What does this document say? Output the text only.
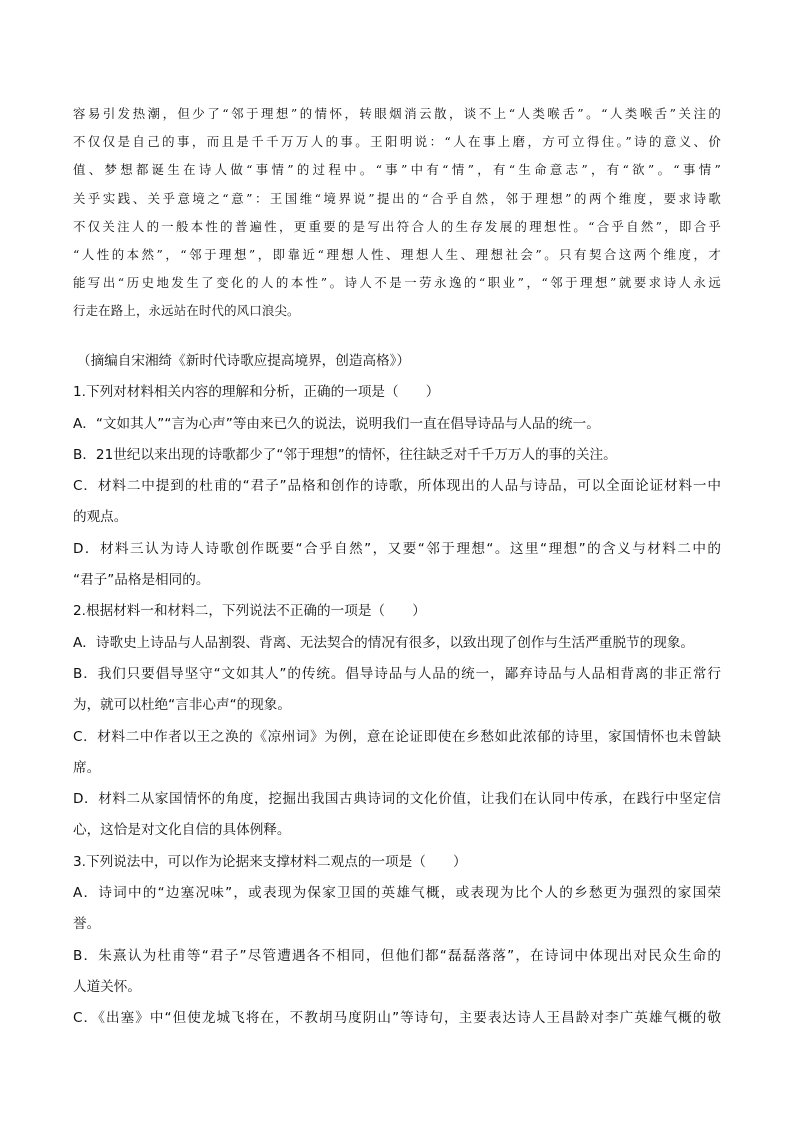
容易引发热潮，但少了“邻于理想”的情怀，转眼烟消云散，谈不上“人类喉舌”。“人类喉舌”关注的
不仅仅是自己的事，而且是千千万万人的事。王阳明说：“人在事上磨，方可立得住。”诗的意义、价
值、梦想都诞生在诗人做“事情”的过程中。“事”中有“情”，有“生命意志”，有“欲”。“事情”
关乎实践、关乎意境之“意”：王国维“境界说”提出的“合乎自然，邻于理想”的两个维度，要求诗歌
不仅关注人的一般本性的普遍性，更重要的是写出符合人的生存发展的理想性。“合乎自然”，即合乎
“人性的本然”，“邻于理想”，即靠近“理想人性、理想人生、理想社会”。只有契合这两个维度，才
能写出“历史地发生了变化的人的本性”。诗人不是一劳永逸的“职业”，“邻于理想”就要求诗人永远
行走在路上，永远站在时代的风口浪尖。
（摘编自宋湘绮《新时代诗歌应提高境界，创造高格》）
1.下列对材料相关内容的理解和分析，正确的一项是（　　）
A．“文如其人”“言为心声”等由来已久的说法，说明我们一直在倡导诗品与人品的统一。
B．21世纪以来出现的诗歌都少了“邻于理想”的情怀，往往缺乏对千千万万人的事的关注。
C．材料二中提到的杜甫的“君子”品格和创作的诗歌，所体现出的人品与诗品，可以全面论证材料一中
的观点。
D．材料三认为诗人诗歌创作既要“合乎自然”，又要“邻于理想“。这里“理想”的含义与材料二中的
“君子”品格是相同的。
2.根据材料一和材料二，下列说法不正确的一项是（　　）
A．诗歌史上诗品与人品割裂、背离、无法契合的情况有很多，以致出现了创作与生活严重脱节的现象。
B．我们只要倡导坚守“文如其人”的传统。倡导诗品与人品的统一，鄙弃诗品与人品相背离的非正常行
为，就可以杜绝“言非心声“的现象。
C．材料二中作者以王之涣的《凉州词》为例，意在论证即使在乡愁如此浓郁的诗里，家国情怀也未曾缺
席。
D．材料二从家国情怀的角度，挖掘出我国古典诗词的文化价值，让我们在认同中传承，在践行中坚定信
心，这恰是对文化自信的具体例释。
3.下列说法中，可以作为论据来支撑材料二观点的一项是（　　）
A．诗词中的“边塞况味”，或表现为保家卫国的英雄气概，或表现为比个人的乡愁更为强烈的家国荣
誉。
B．朱熹认为杜甫等“君子”尽管遭遇各不相同，但他们都“磊磊落落”，在诗词中体现出对民众生命的
人道关怀。
C．《出塞》中“但使龙城飞将在，不教胡马度阴山”等诗句，主要表达诗人王昌龄对李广英雄气概的敬
